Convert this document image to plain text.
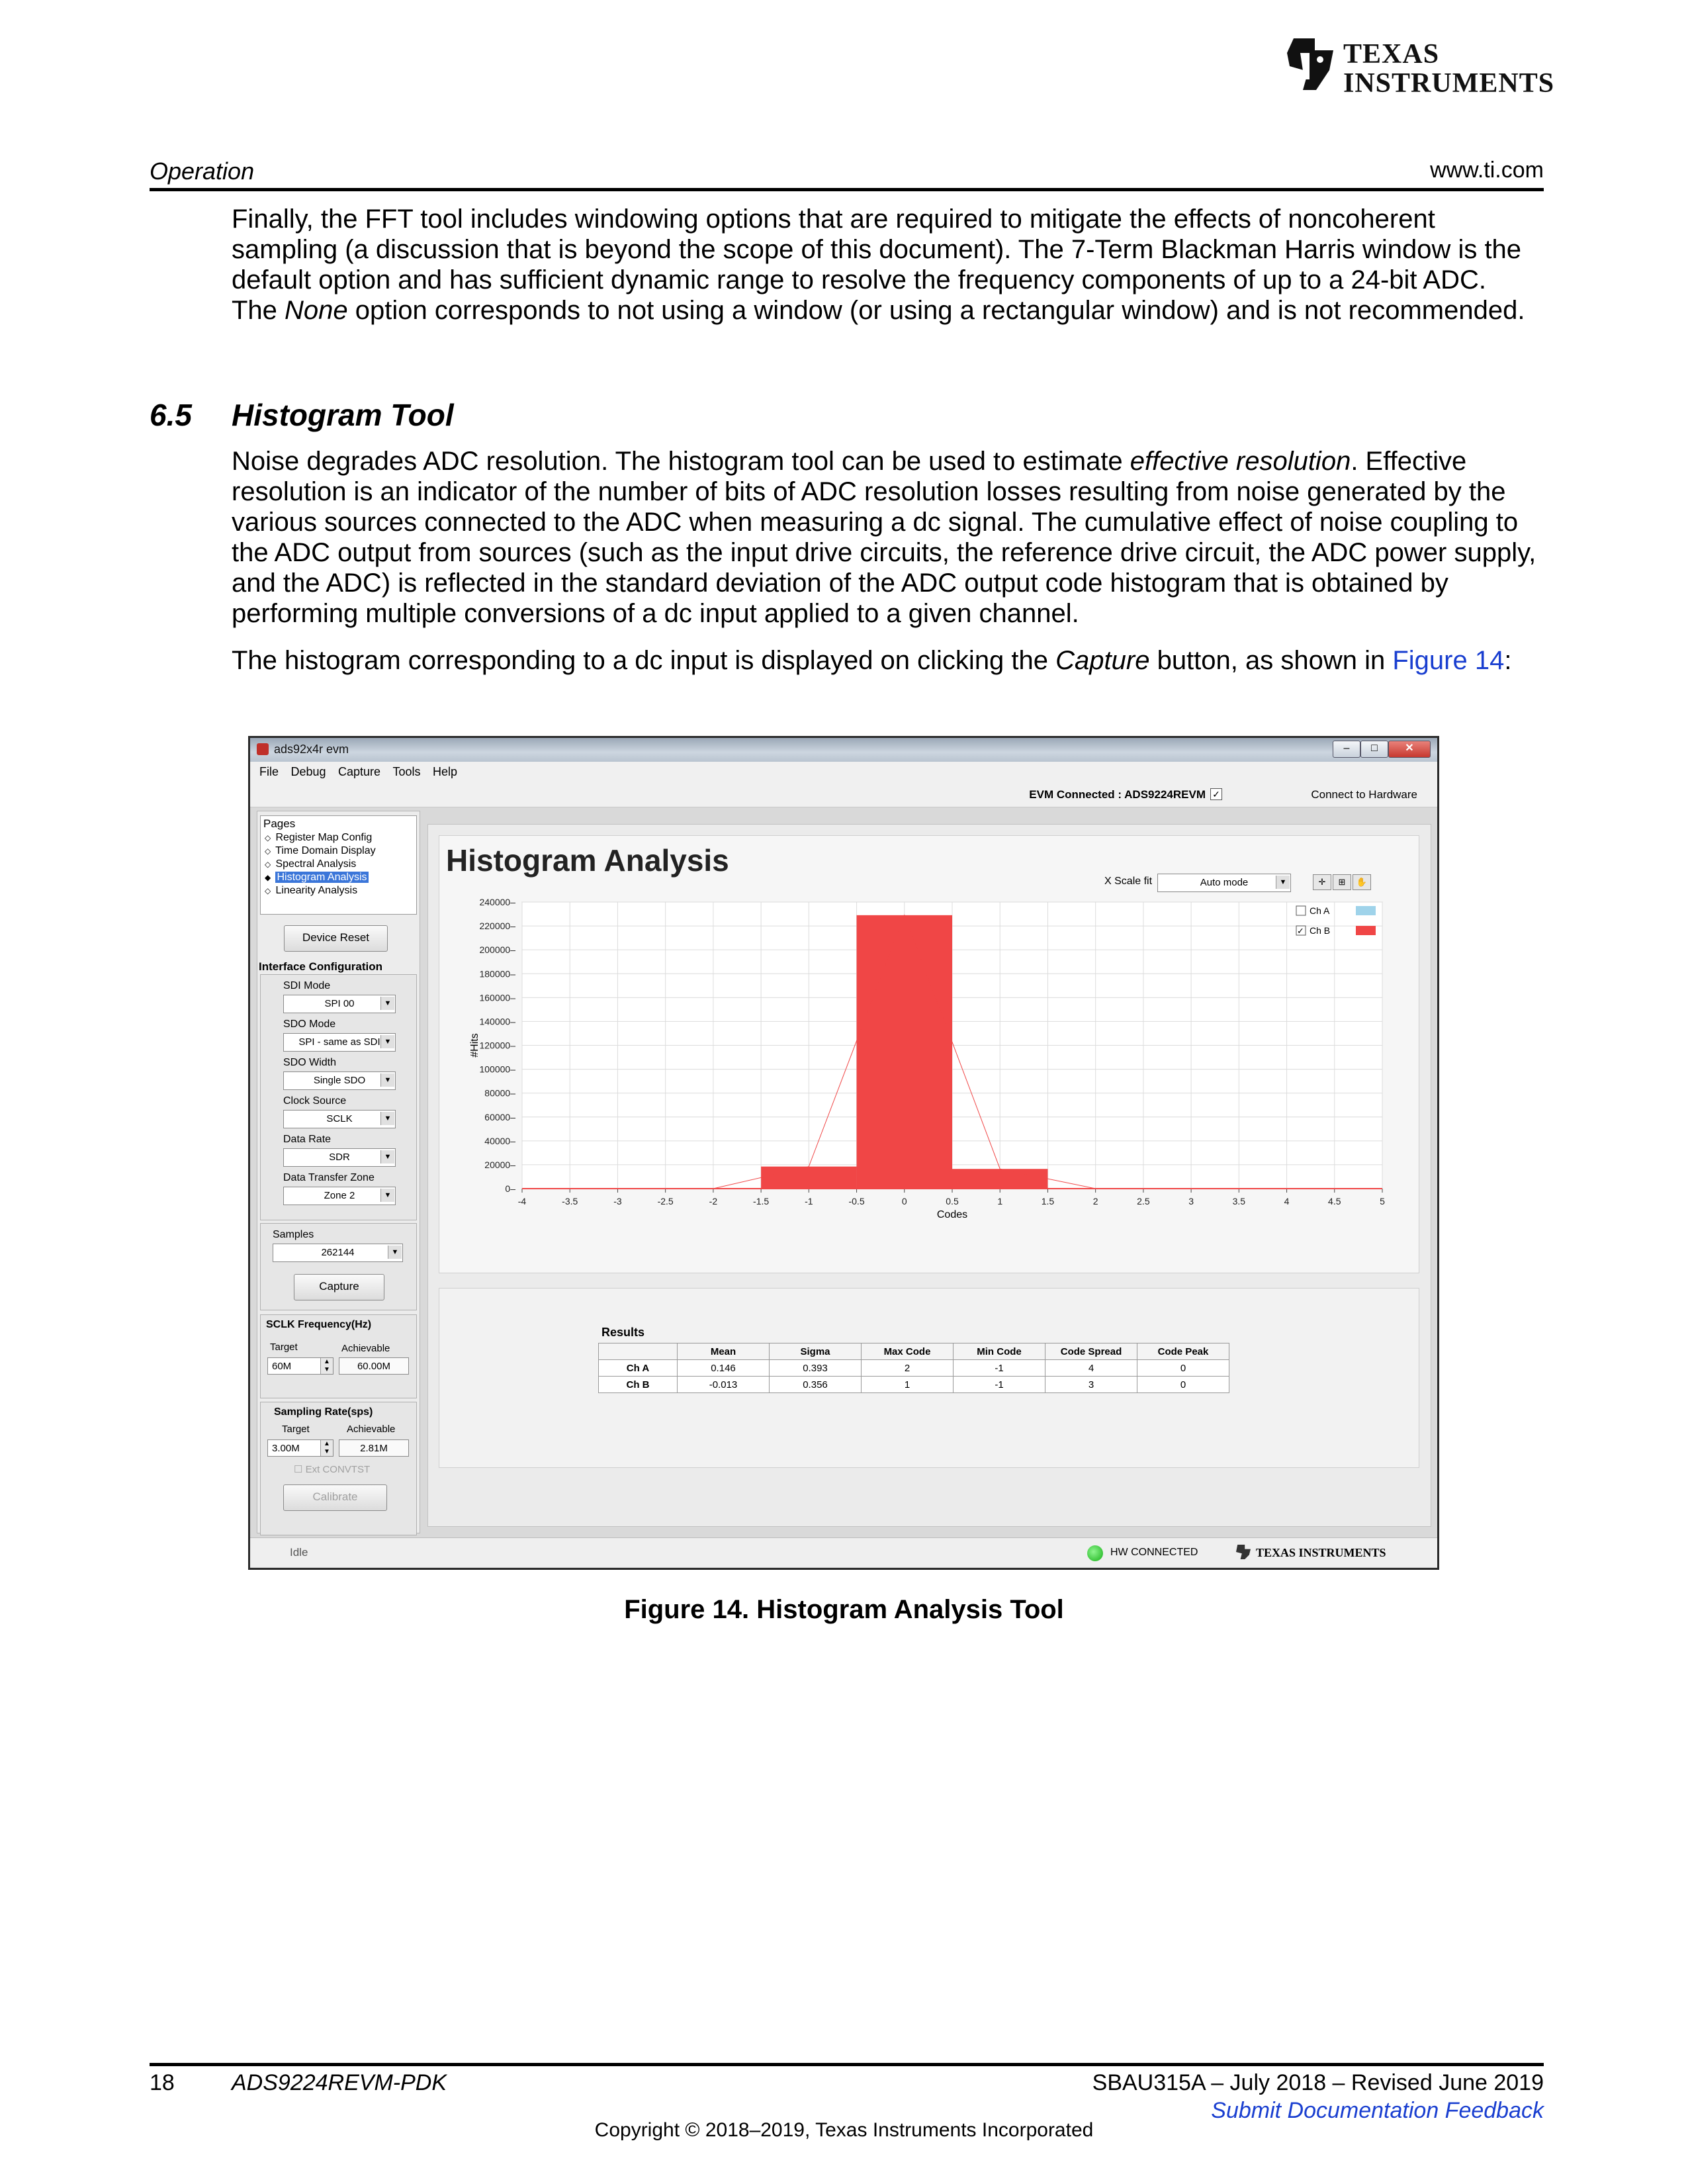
TEXAS
INSTRUMENTS
Operation	www.ti.com
Finally, the FFT tool includes windowing options that are required to mitigate the effects of noncoherent sampling (a discussion that is beyond the scope of this document). The 7-Term Blackman Harris window is the default option and has sufficient dynamic range to resolve the frequency components of up to a 24-bit ADC. The None option corresponds to not using a window (or using a rectangular window) and is not recommended.
6.5 Histogram Tool
Noise degrades ADC resolution. The histogram tool can be used to estimate effective resolution. Effective resolution is an indicator of the number of bits of ADC resolution losses resulting from noise generated by the various sources connected to the ADC when measuring a dc signal. The cumulative effect of noise coupling to the ADC output from sources (such as the input drive circuits, the reference drive circuit, the ADC power supply, and the ADC) is reflected in the standard deviation of the ADC output code histogram that is obtained by performing multiple conversions of a dc input applied to a given channel.
The histogram corresponding to a dc input is displayed on clicking the Capture button, as shown in Figure 14:
ads92x4r evm	–	□	✕
File Debug Capture Tools Help
EVM Connected : ADS9224REVM ✓	Connect to Hardware
Pages
◇ Register Map Config
◇ Time Domain Display
◇ Spectral Analysis
◆ Histogram Analysis
◇ Linearity Analysis
Device Reset
Interface Configuration
SDI Mode
SPI 00	▼
SDO Mode
SPI - same as SDI ▼
SDO Width
Single SDO	▼
Clock Source
SCLK	▼
Data Rate
SDR	▼
Data Transfer Zone
Zone 2	▼
Samples
262144	▼
Capture
SCLK Frequency(Hz)
Target	Achievable
60M	▲
▼	60.00M
Sampling Rate(sps)
Target	Achievable
3.00M	▲
▼	2.81M
☐ Ext CONVTST
Calibrate
Histogram Analysis
X Scale fit	Auto mode	▼	✛	⊞	✋
0–
20000–
40000–
60000–
80000–
100000–
120000–
140000–
160000–
180000–
200000–
220000–
240000–
-4	-3.5	-3	-2.5	-2	-1.5	-1	-0.5	0	0.5	1	1.5	2	2.5	3	3.5	4	4.5	5
Codes
#Hits
Ch A
✓ Ch B
Results
	Mean	Sigma	Max Code	Min Code	Code Spread	Code Peak
Ch A	0.146	0.393	2	-1	4	0
Ch B	-0.013	0.356	1	-1	3	0
Idle	HW CONNECTED	TEXAS INSTRUMENTS
Figure 14. Histogram Analysis Tool
18	ADS9224REVM-PDK	SBAU315A – July 2018 – Revised June 2019
Submit Documentation Feedback
Copyright © 2018–2019, Texas Instruments Incorporated
